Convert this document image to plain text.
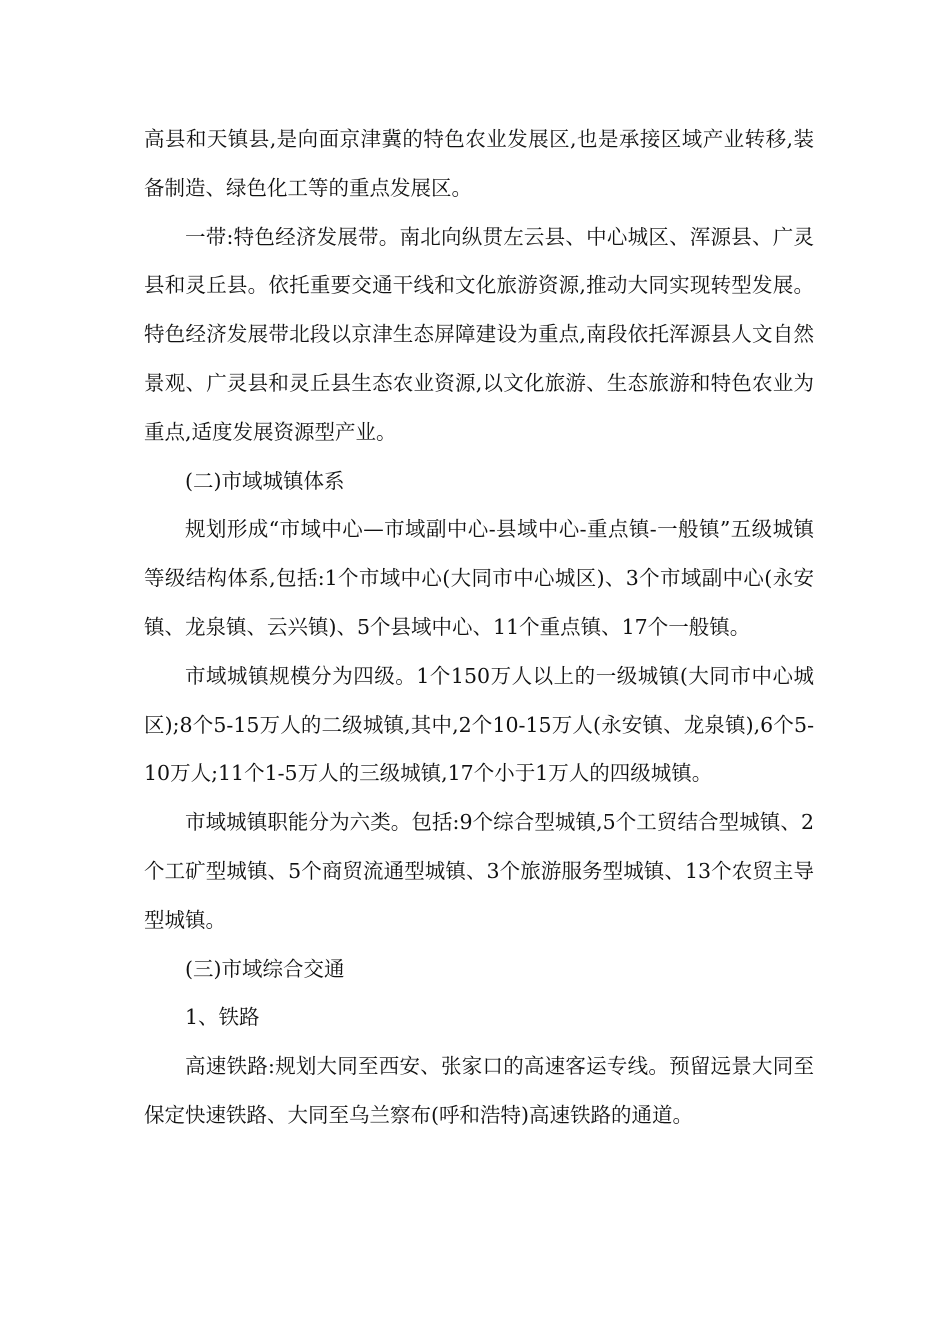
高县和天镇县,是向面京津冀的特色农业发展区,也是承接区域产业转移,装备制造、绿色化工等的重点发展区。

一带:特色经济发展带。南北向纵贯左云县、中心城区、浑源县、广灵县和灵丘县。依托重要交通干线和文化旅游资源,推动大同实现转型发展。特色经济发展带北段以京津生态屏障建设为重点,南段依托浑源县人文自然景观、广灵县和灵丘县生态农业资源,以文化旅游、生态旅游和特色农业为重点,适度发展资源型产业。

(二)市域城镇体系

规划形成“市域中心—市域副中心-县域中心-重点镇-一般镇”五级城镇等级结构体系,包括:1个市域中心(大同市中心城区)、3个市域副中心(永安镇、龙泉镇、云兴镇)、5个县域中心、11个重点镇、17个一般镇。

市域城镇规模分为四级。1个150万人以上的一级城镇(大同市中心城区);8个5-15万人的二级城镇,其中,2个10-15万人(永安镇、龙泉镇),6个5-10万人;11个1-5万人的三级城镇,17个小于1万人的四级城镇。

市域城镇职能分为六类。包括:9个综合型城镇,5个工贸结合型城镇、2个工矿型城镇、5个商贸流通型城镇、3个旅游服务型城镇、13个农贸主导型城镇。

(三)市域综合交通

1、铁路

高速铁路:规划大同至西安、张家口的高速客运专线。预留远景大同至保定快速铁路、大同至乌兰察布(呼和浩特)高速铁路的通道。
